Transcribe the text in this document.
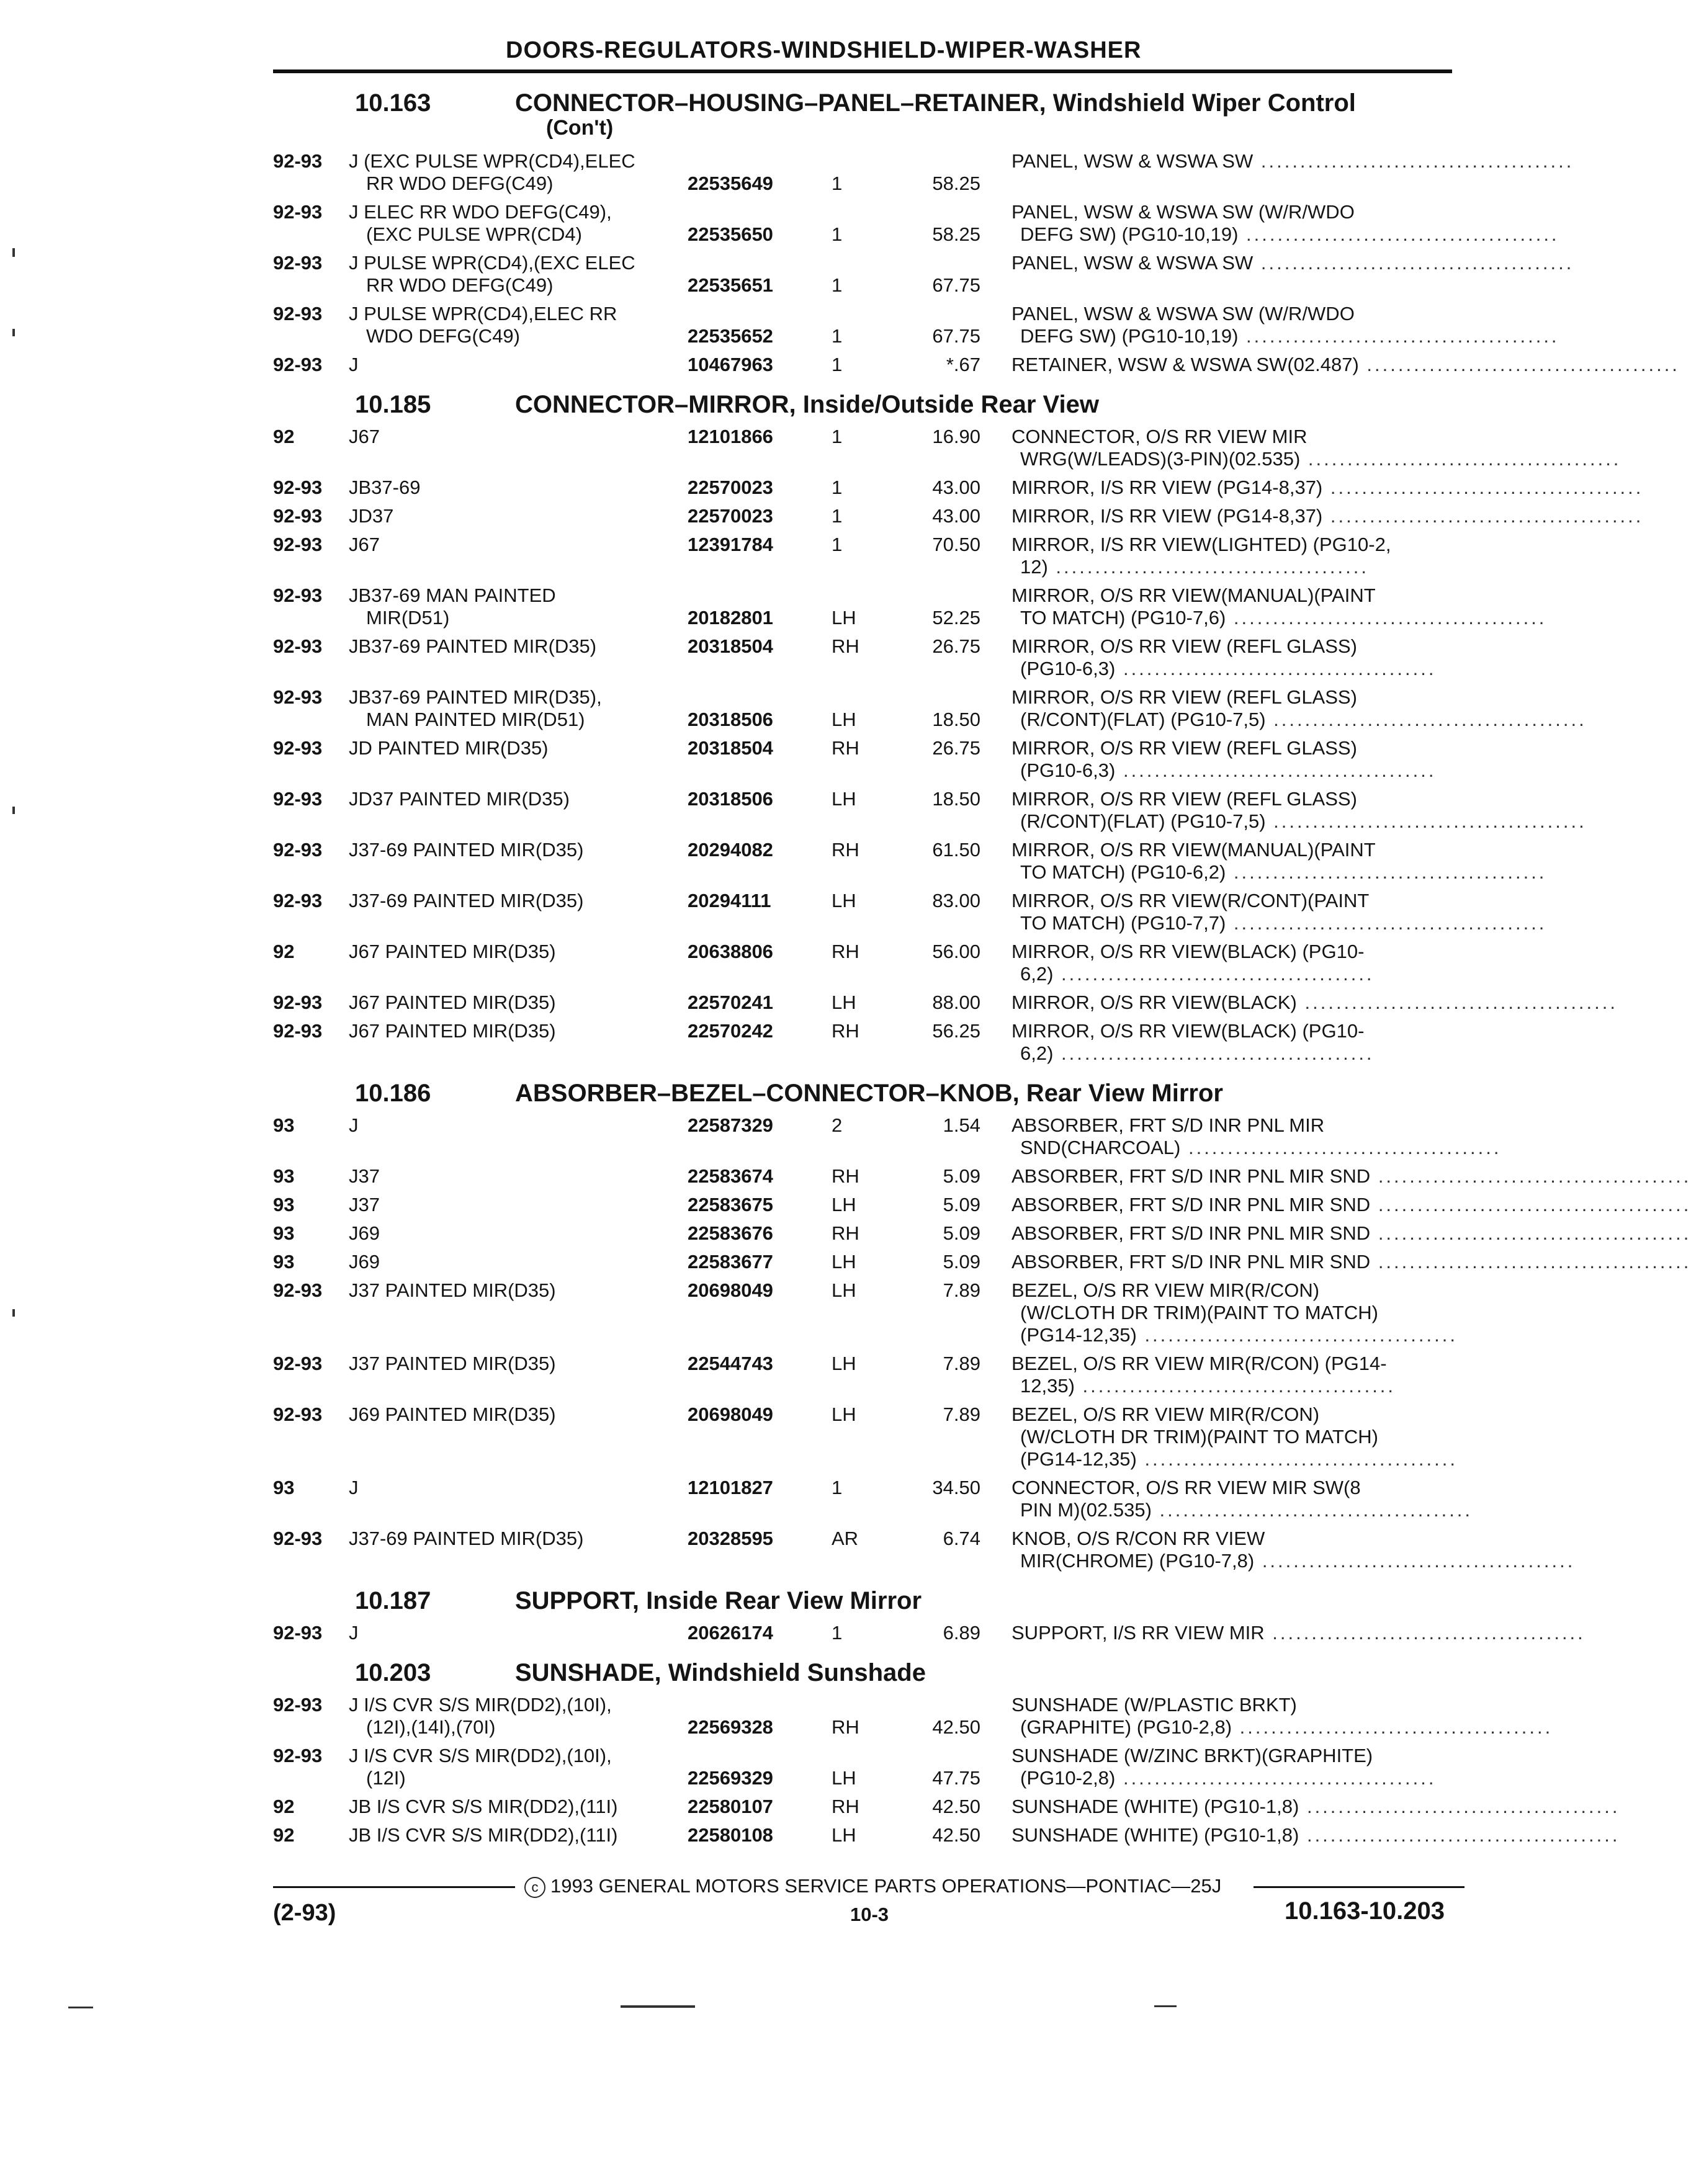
DOORS-REGULATORS-WINDSHIELD-WIPER-WASHER
10.163	CONNECTOR–HOUSING–PANEL–RETAINER, Windshield Wiper Control
(Con't)
92-93	J (EXC PULSE WPR(CD4),ELEC
RR WDO DEFG(C49)	22535649	1	58.25
PANEL, WSW & WSWA SW ........................................
92-93	J ELEC RR WDO DEFG(C49),
(EXC PULSE WPR(CD4)	22535650	1	58.25
PANEL, WSW & WSWA SW (W/R/WDO
DEFG SW) (PG10-10,19) ........................................
92-93	J PULSE WPR(CD4),(EXC ELEC
RR WDO DEFG(C49)	22535651	1	67.75
PANEL, WSW & WSWA SW ........................................
92-93	J PULSE WPR(CD4),ELEC RR
WDO DEFG(C49)	22535652	1	67.75
PANEL, WSW & WSWA SW (W/R/WDO
DEFG SW) (PG10-10,19) ........................................
92-93	J	10467963	1	*.67 RETAINER, WSW & WSWA SW(02.487) ........................................
10.185	CONNECTOR–MIRROR, Inside/Outside Rear View
92	J67	12101866	1	16.90 CONNECTOR, O/S RR VIEW MIR
WRG(W/LEADS)(3-PIN)(02.535) ........................................
92-93	JB37-69	22570023	1	43.00 MIRROR, I/S RR VIEW (PG14-8,37) ........................................
92-93	JD37	22570023	1	43.00 MIRROR, I/S RR VIEW (PG14-8,37) ........................................
92-93	J67	12391784	1	70.50 MIRROR, I/S RR VIEW(LIGHTED) (PG10-2,
12) ........................................
92-93	JB37-69 MAN PAINTED
MIR(D51)	20182801	LH	52.25
MIRROR, O/S RR VIEW(MANUAL)(PAINT
TO MATCH) (PG10-7,6) ........................................
92-93	JB37-69 PAINTED MIR(D35)	20318504	RH	26.75 MIRROR, O/S RR VIEW (REFL GLASS)
(PG10-6,3) ........................................
92-93	JB37-69 PAINTED MIR(D35),
MAN PAINTED MIR(D51)	20318506	LH	18.50
MIRROR, O/S RR VIEW (REFL GLASS)
(R/CONT)(FLAT) (PG10-7,5) ........................................
92-93	JD PAINTED MIR(D35)	20318504	RH	26.75 MIRROR, O/S RR VIEW (REFL GLASS)
(PG10-6,3) ........................................
92-93	JD37 PAINTED MIR(D35)	20318506	LH	18.50 MIRROR, O/S RR VIEW (REFL GLASS)
(R/CONT)(FLAT) (PG10-7,5) ........................................
92-93	J37-69 PAINTED MIR(D35)	20294082	RH	61.50 MIRROR, O/S RR VIEW(MANUAL)(PAINT
TO MATCH) (PG10-6,2) ........................................
92-93	J37-69 PAINTED MIR(D35)	20294111	LH	83.00 MIRROR, O/S RR VIEW(R/CONT)(PAINT
TO MATCH) (PG10-7,7) ........................................
92	J67 PAINTED MIR(D35)	20638806	RH	56.00 MIRROR, O/S RR VIEW(BLACK) (PG10-
6,2) ........................................
92-93	J67 PAINTED MIR(D35)	22570241	LH	88.00 MIRROR, O/S RR VIEW(BLACK) ........................................
92-93	J67 PAINTED MIR(D35)	22570242	RH	56.25 MIRROR, O/S RR VIEW(BLACK) (PG10-
6,2) ........................................
10.186	ABSORBER–BEZEL–CONNECTOR–KNOB, Rear View Mirror
93	J	22587329	2	1.54 ABSORBER, FRT S/D INR PNL MIR
SND(CHARCOAL) ........................................
93	J37	22583674	RH	5.09 ABSORBER, FRT S/D INR PNL MIR SND ........................................
93	J37	22583675	LH	5.09 ABSORBER, FRT S/D INR PNL MIR SND ........................................
93	J69	22583676	RH	5.09 ABSORBER, FRT S/D INR PNL MIR SND ........................................
93	J69	22583677	LH	5.09 ABSORBER, FRT S/D INR PNL MIR SND ........................................
92-93	J37 PAINTED MIR(D35)	20698049	LH	7.89 BEZEL, O/S RR VIEW MIR(R/CON)
(W/CLOTH DR TRIM)(PAINT TO MATCH)
(PG14-12,35) ........................................
92-93	J37 PAINTED MIR(D35)	22544743	LH	7.89 BEZEL, O/S RR VIEW MIR(R/CON) (PG14-
12,35) ........................................
92-93	J69 PAINTED MIR(D35)	20698049	LH	7.89 BEZEL, O/S RR VIEW MIR(R/CON)
(W/CLOTH DR TRIM)(PAINT TO MATCH)
(PG14-12,35) ........................................
93	J	12101827	1	34.50 CONNECTOR, O/S RR VIEW MIR SW(8
PIN M)(02.535) ........................................
92-93	J37-69 PAINTED MIR(D35)	20328595	AR	6.74 KNOB, O/S R/CON RR VIEW
MIR(CHROME) (PG10-7,8) ........................................
10.187	SUPPORT, Inside Rear View Mirror
92-93	J	20626174	1	6.89 SUPPORT, I/S RR VIEW MIR ........................................
10.203	SUNSHADE, Windshield Sunshade
92-93	J I/S CVR S/S MIR(DD2),(10I),
(12I),(14I),(70I)	22569328	RH	42.50
SUNSHADE (W/PLASTIC BRKT)
(GRAPHITE) (PG10-2,8) ........................................
92-93	J I/S CVR S/S MIR(DD2),(10I),
(12I)	22569329	LH	47.75
SUNSHADE (W/ZINC BRKT)(GRAPHITE)
(PG10-2,8) ........................................
92	JB I/S CVR S/S MIR(DD2),(11I)	22580107	RH	42.50 SUNSHADE (WHITE) (PG10-1,8) ........................................
92	JB I/S CVR S/S MIR(DD2),(11I)	22580108	LH	42.50 SUNSHADE (WHITE) (PG10-1,8) ........................................
c 1993 GENERAL MOTORS SERVICE PARTS OPERATIONS—PONTIAC—25J
(2-93)	10-3	10.163-10.203
